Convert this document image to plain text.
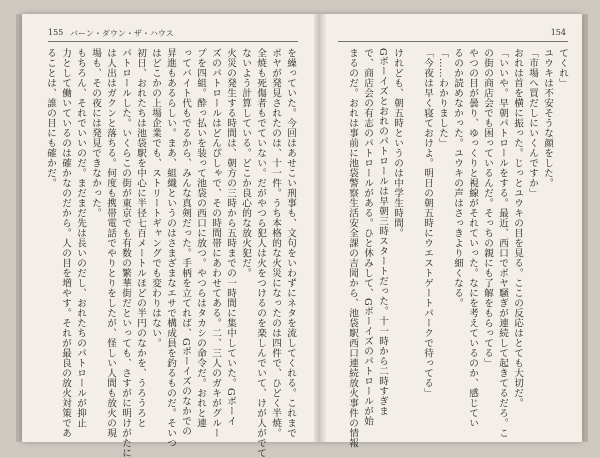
155 バーン・ダウン・ザ・ハウス
を繰っていた。今回はあせこい刑事も、文句をいわずにネタを流してくれる。これまで
ボヤが発見されたのは、十一件。うち本格的な火災になったのは四件で、ひどく半焼。
全焼も死傷者もでていない。だがやつら犯人は火をつけるのを楽しんでいて、けが人がでて
ないよう計算している。どこか良心的な放火犯だ。
火災の発生する時間は、朝方の三時から五時までの一時間に集中していた。Gボーイ
ズのパトロールはどんぴしゃで、その時間帯にあわせてある。二、三人のガキがグルー
プを四組。酔っ払いを装って池袋の西口に放つ。やつらはタカシの命令だ。おれと連
ってバイト代もでるから、みんな真剣だった。手柄を立てれば、Gボーイズのなかでの
昇進もあるらしい。まあ、組織というのはさまざまなエサで構成員を釣るものだ。そいつ
はどこかの上場企業でも、ストリートギャングでも変わりはない。
初日、おれたちは池袋駅を中心に半径七百メートルほどの半円のなかを、うろうろと
パトロールした。いくらこの街が東京でも有数の繁華街だといっても、さすがに明けがたに
は人出はガクンと落ちる。何度も携帯電話でやりとりをしたが、怪しい人間も放火の現
場も、その夜には発見できなかった。
もちろん、それでいいのだ。まだまだ先は長いのだし、おれたちのパトロールが抑止
力として働いているのは確かなのだから。人の目を増やす。それが最良の放火対策であ
ることは、誰の目にも確かだ。
154
てくれ」
ユウキは不安そうな顔をした。
「市場へ買だしにいくんですか」
おれは首を横に振った。じっとユウキの目を見る。ここの反応はとても大切だ。
「いいや。早朝パトロールをする。最近、西口でボヤ騒ぎが連続して起きてるだろ。こ
の街の商店会でも困っているんだ。そっちの親にも了解をもらってる」
やつの目が曇り、ゆっくりと視線がそれていった。なにを考えているのか、感じてい
るのか読めなかった。ユウキの声はさっきより細くなる。
「……わかりました」
「今夜は早く寝ておけよ。明日の朝五時にウエストゲートパークで待ってる」

けれども、朝五時というのは中学生時間。
Gボーイズとおれのパトロールは早朝三時スタートだった。十一時から二時すぎま
で、商店会の有志のパトロールがある。ひと休みして、Gボーイズのパトロールが始
まるのだ。おれは事前に池袋警察生活安全課の吉岡から、池袋駅西口連続放火事件の情報
